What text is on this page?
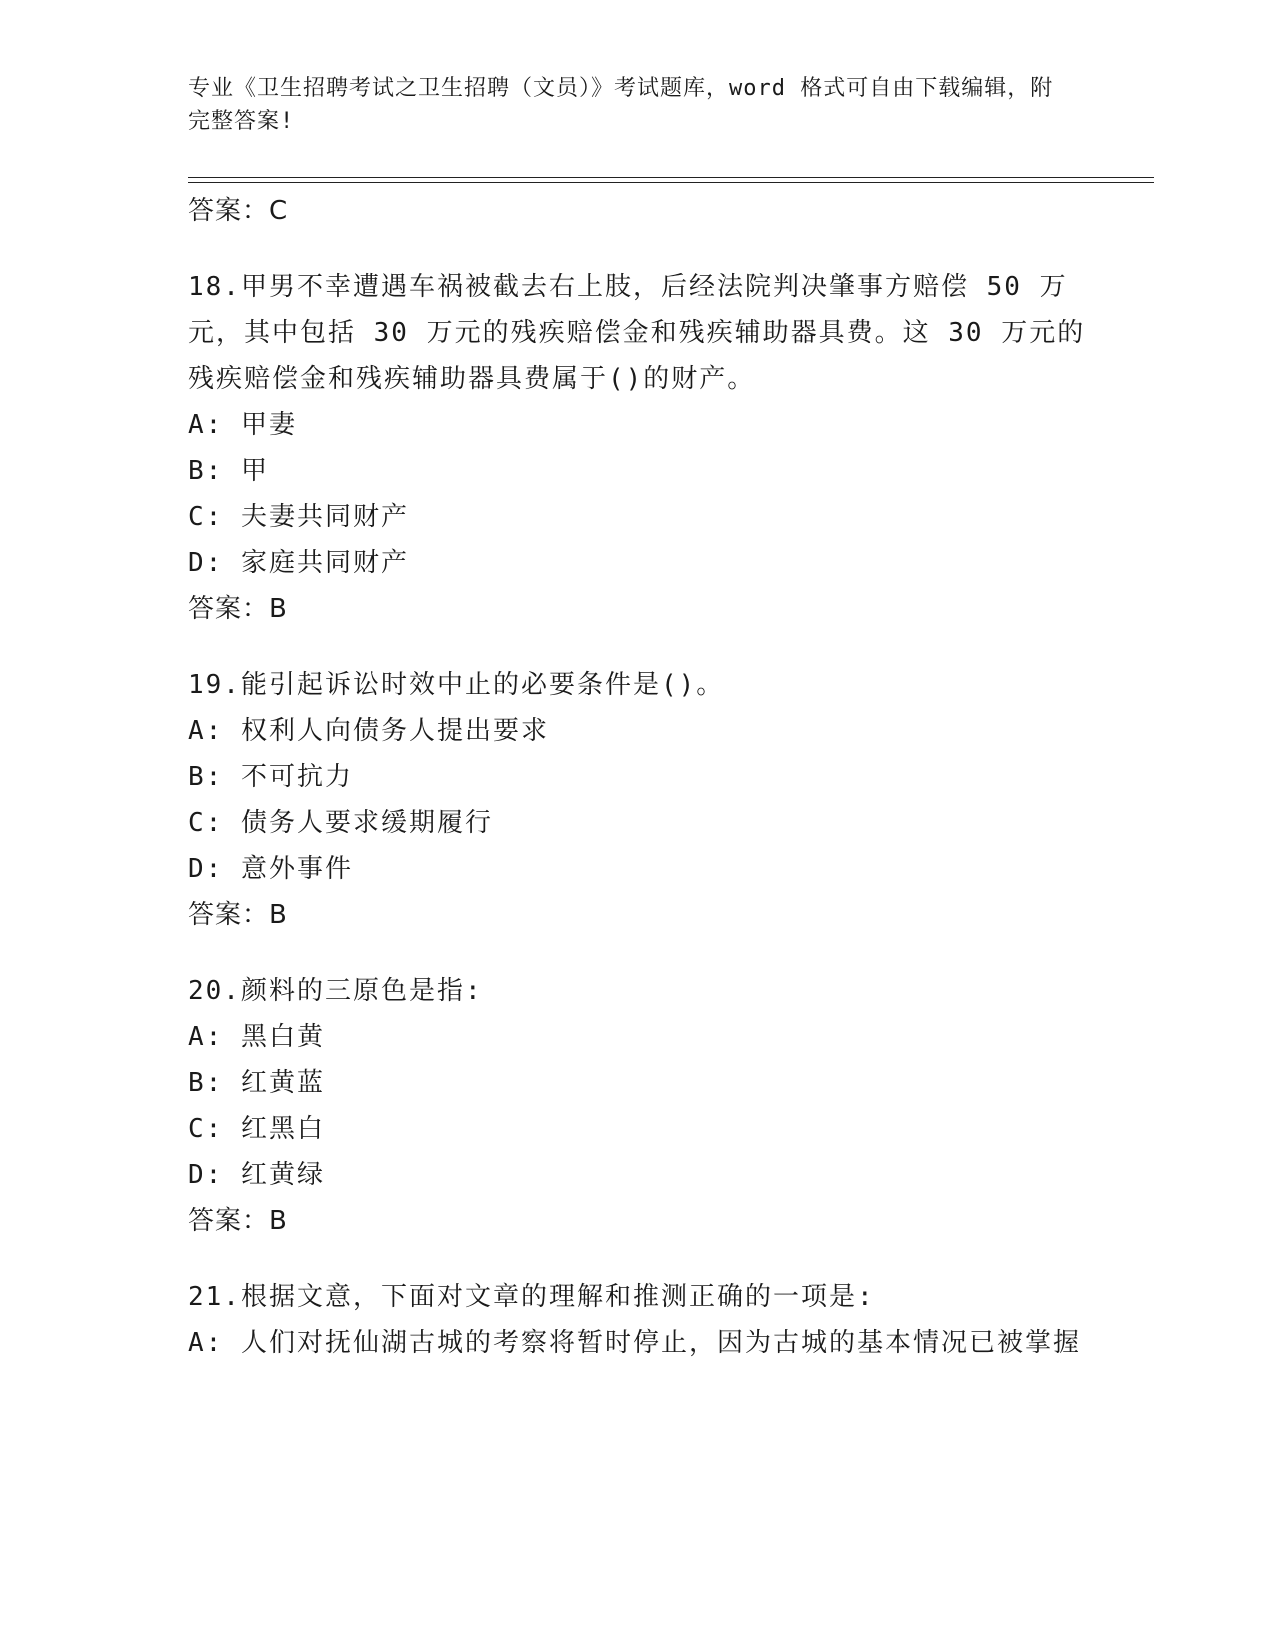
专业《卫生招聘考试之卫生招聘（文员）》考试题库，word 格式可自由下载编辑，附完整答案!
答案：C
18.甲男不幸遭遇车祸被截去右上肢，后经法院判决肇事方赔偿 50 万元，其中包括 30 万元的残疾赔偿金和残疾辅助器具费。这 30 万元的残疾赔偿金和残疾辅助器具费属于()的财产。
A: 甲妻
B: 甲
C: 夫妻共同财产
D: 家庭共同财产
答案：B
19.能引起诉讼时效中止的必要条件是()。
A: 权利人向债务人提出要求
B: 不可抗力
C: 债务人要求缓期履行
D: 意外事件
答案：B
20.颜料的三原色是指:
A: 黑白黄
B: 红黄蓝
C: 红黑白
D: 红黄绿
答案：B
21.根据文意，下面对文章的理解和推测正确的一项是:
A: 人们对抚仙湖古城的考察将暂时停止，因为古城的基本情况已被掌握
